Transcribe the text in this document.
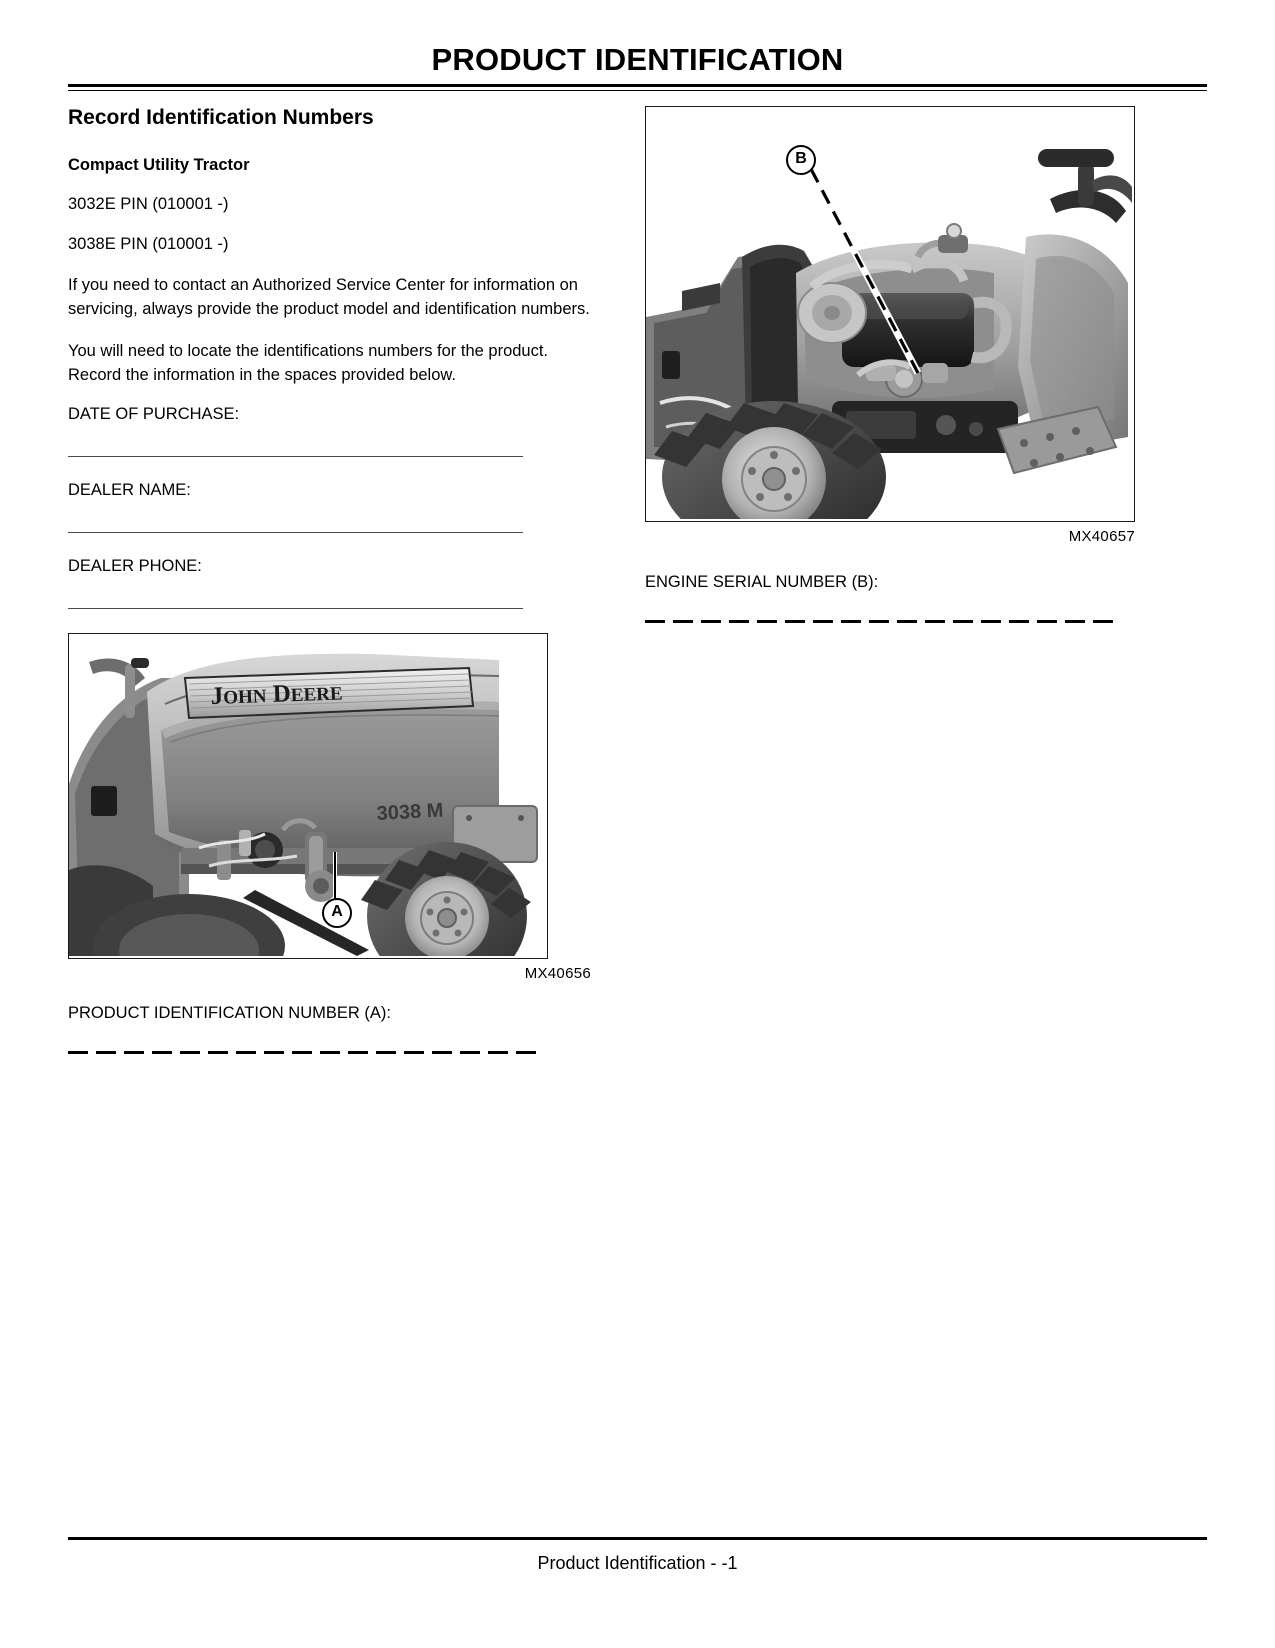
PRODUCT IDENTIFICATION
Record Identification Numbers
Compact Utility Tractor

3032E PIN (010001 -)

3038E PIN (010001 -)

If you need to contact an Authorized Service Center for information on servicing, always provide the product model and identification numbers.

You will need to locate the identifications numbers for the product. Record the information in the spaces provided below.

DATE OF PURCHASE:
DEALER NAME:
DEALER PHONE:
JOHN DEERE
3038 M
A
MX40656

PRODUCT IDENTIFICATION NUMBER (A):

B
MX40657

ENGINE SERIAL NUMBER (B):

Product Identification - -1
